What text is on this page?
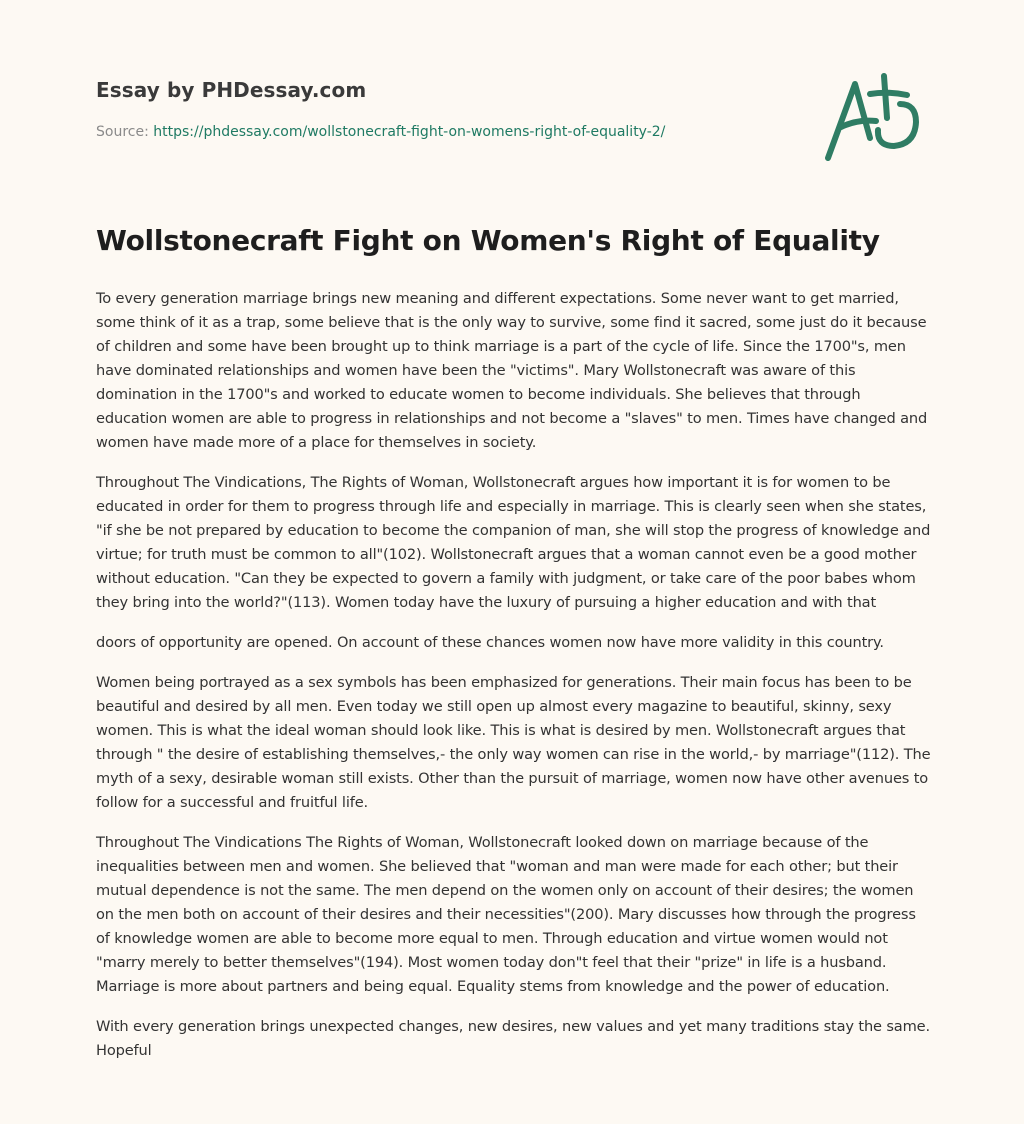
Essay by PHDessay.com
Source: https://phdessay.com/wollstonecraft-fight-on-womens-right-of-equality-2/
Wollstonecraft Fight on Women's Right of Equality

To every generation marriage brings new meaning and different expectations. Some never want to get married, some think of it as a trap, some believe that is the only way to survive, some find it sacred, some just do it because of children and some have been brought up to think marriage is a part of the cycle of life. Since the 1700"s, men have dominated relationships and women have been the "victims". Mary Wollstonecraft was aware of this domination in the 1700"s and worked to educate women to become individuals. She believes that through education women are able to progress in relationships and not become a "slaves" to men. Times have changed and women have made more of a place for themselves in society.

Throughout The Vindications, The Rights of Woman, Wollstonecraft argues how important it is for women to be educated in order for them to progress through life and especially in marriage. This is clearly seen when she states, "if she be not prepared by education to become the companion of man, she will stop the progress of knowledge and virtue; for truth must be common to all"(102). Wollstonecraft argues that a woman cannot even be a good mother without education. "Can they be expected to govern a family with judgment, or take care of the poor babes whom they bring into the world?"(113). Women today have the luxury of pursuing a higher education and with that

doors of opportunity are opened. On account of these chances women now have more validity in this country.

Women being portrayed as a sex symbols has been emphasized for generations. Their main focus has been to be beautiful and desired by all men. Even today we still open up almost every magazine to beautiful, skinny, sexy women. This is what the ideal woman should look like. This is what is desired by men. Wollstonecraft argues that through " the desire of establishing themselves,- the only way women can rise in the world,- by marriage"(112). The myth of a sexy, desirable woman still exists. Other than the pursuit of marriage, women now have other avenues to follow for a successful and fruitful life.

Throughout The Vindications The Rights of Woman, Wollstonecraft looked down on marriage because of the inequalities between men and women. She believed that "woman and man were made for each other; but their mutual dependence is not the same. The men depend on the women only on account of their desires; the women on the men both on account of their desires and their necessities"(200). Mary discusses how through the progress of knowledge women are able to become more equal to men. Through education and virtue women would not "marry merely to better themselves"(194). Most women today don"t feel that their "prize" in life is a husband. Marriage is more about partners and being equal. Equality stems from knowledge and the power of education.

With every generation brings unexpected changes, new desires, new values and yet many traditions stay the same. Hopeful
